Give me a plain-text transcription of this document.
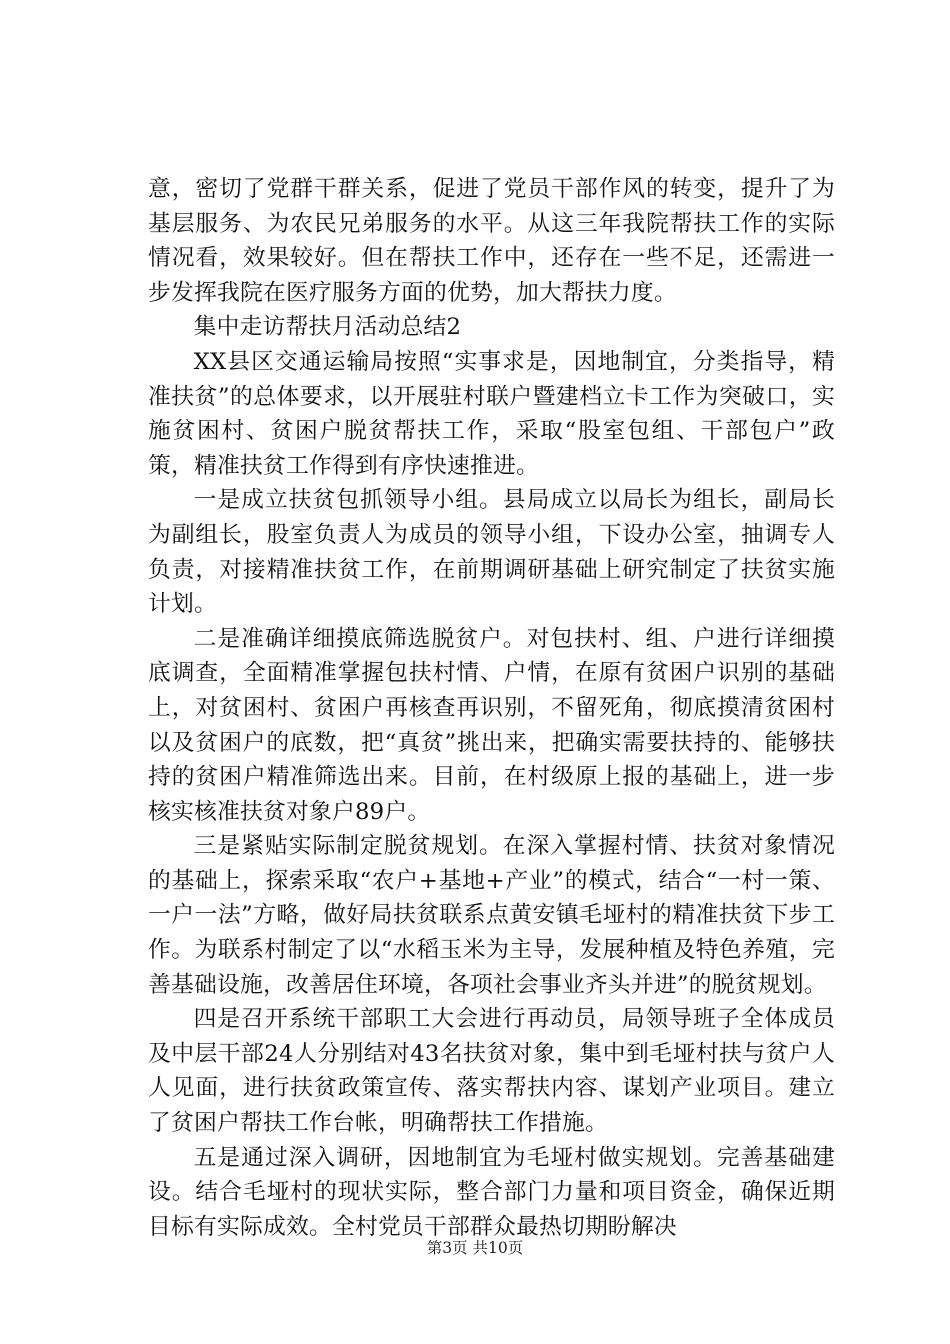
意，密切了党群干群关系，促进了党员干部作风的转变，提升了为基层服务、为农民兄弟服务的水平。从这三年我院帮扶工作的实际情况看，效果较好。但在帮扶工作中，还存在一些不足，还需进一步发挥我院在医疗服务方面的优势，加大帮扶力度。

集中走访帮扶月活动总结2

XX县区交通运输局按照“实事求是，因地制宜，分类指导，精准扶贫”的总体要求，以开展驻村联户暨建档立卡工作为突破口，实施贫困村、贫困户脱贫帮扶工作，采取“股室包组、干部包户”政策，精准扶贫工作得到有序快速推进。

一是成立扶贫包抓领导小组。县局成立以局长为组长，副局长为副组长，股室负责人为成员的领导小组，下设办公室，抽调专人负责，对接精准扶贫工作，在前期调研基础上研究制定了扶贫实施计划。

二是准确详细摸底筛选脱贫户。对包扶村、组、户进行详细摸底调查，全面精准掌握包扶村情、户情，在原有贫困户识别的基础上，对贫困村、贫困户再核查再识别，不留死角，彻底摸清贫困村以及贫困户的底数，把“真贫”挑出来，把确实需要扶持的、能够扶持的贫困户精准筛选出来。目前，在村级原上报的基础上，进一步核实核准扶贫对象户89户。

三是紧贴实际制定脱贫规划。在深入掌握村情、扶贫对象情况的基础上，探索采取“农户+基地+产业”的模式，结合“一村一策、一户一法”方略，做好局扶贫联系点黄安镇毛垭村的精准扶贫下步工作。为联系村制定了以“水稻玉米为主导，发展种植及特色养殖，完善基础设施，改善居住环境，各项社会事业齐头并进”的脱贫规划。

四是召开系统干部职工大会进行再动员，局领导班子全体成员及中层干部24人分别结对43名扶贫对象，集中到毛垭村扶与贫户人人见面，进行扶贫政策宣传、落实帮扶内容、谋划产业项目。建立了贫困户帮扶工作台帐，明确帮扶工作措施。

五是通过深入调研，因地制宜为毛垭村做实规划。完善基础建设。结合毛垭村的现状实际，整合部门力量和项目资金，确保近期目标有实际成效。全村党员干部群众最热切期盼解决

第3页 共10页
